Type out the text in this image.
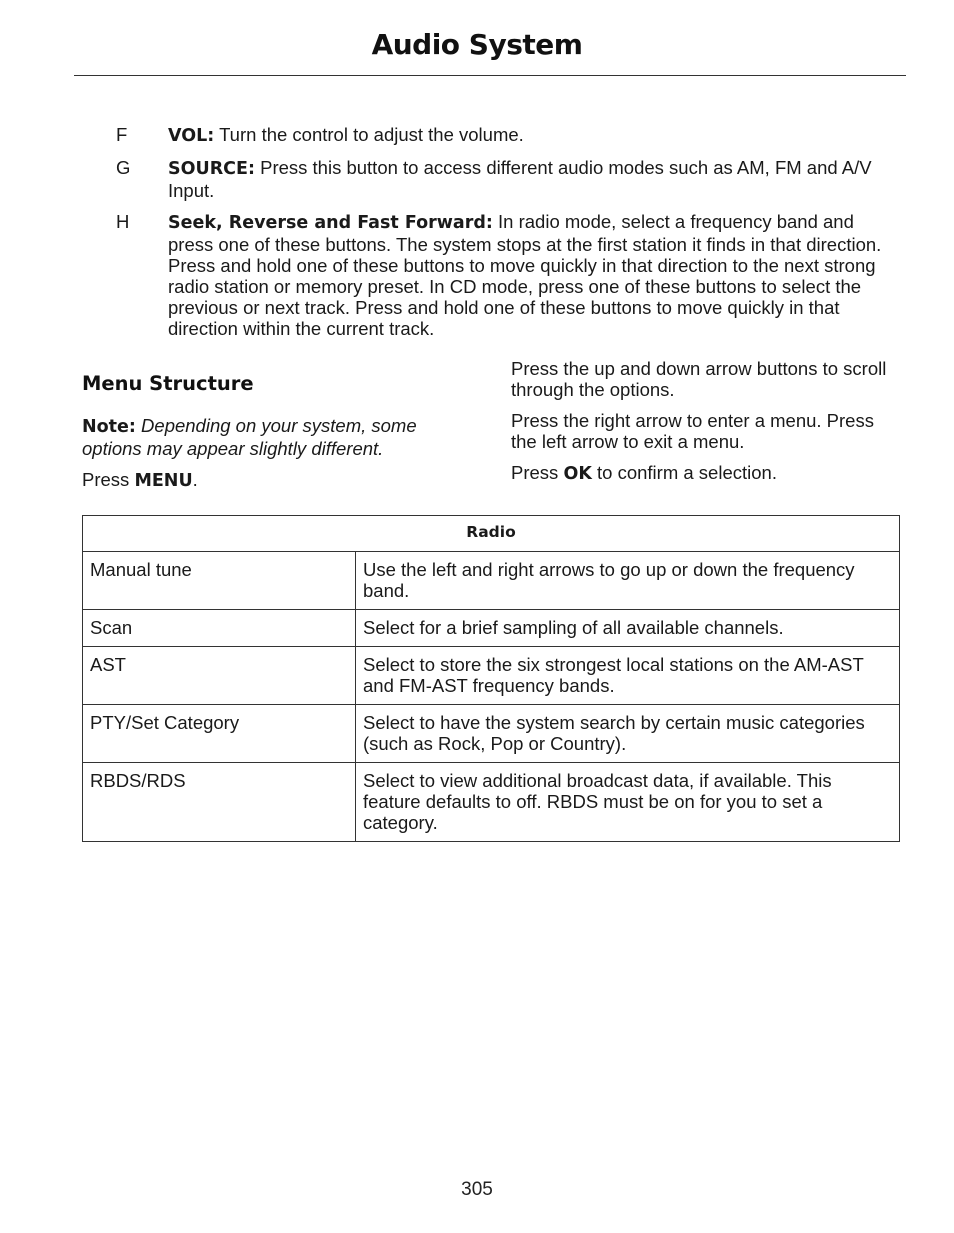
Audio System
F	VOL: Turn the control to adjust the volume.
G	SOURCE: Press this button to access different audio modes such as AM, FM and A/V Input.
H	Seek, Reverse and Fast Forward: In radio mode, select a frequency band and press one of these buttons. The system stops at the first station it finds in that direction. Press and hold one of these buttons to move quickly in that direction to the next strong radio station or memory preset. In CD mode, press one of these buttons to select the previous or next track. Press and hold one of these buttons to move quickly in that direction within the current track.
Menu Structure

Note: Depending on your system, some options may appear slightly different.

Press MENU.

Press the up and down arrow buttons to scroll through the options.

Press the right arrow to enter a menu. Press the left arrow to exit a menu.

Press OK to confirm a selection.

Radio	
Manual tune	Use the left and right arrows to go up or down the frequency band.
Scan	Select for a brief sampling of all available channels.
AST	Select to store the six strongest local stations on the AM-AST and FM-AST frequency bands.
PTY/Set Category	Select to have the system search by certain music categories (such as Rock, Pop or Country).
RBDS/RDS	Select to view additional broadcast data, if available. This feature defaults to off. RBDS must be on for you to set a category.
305
